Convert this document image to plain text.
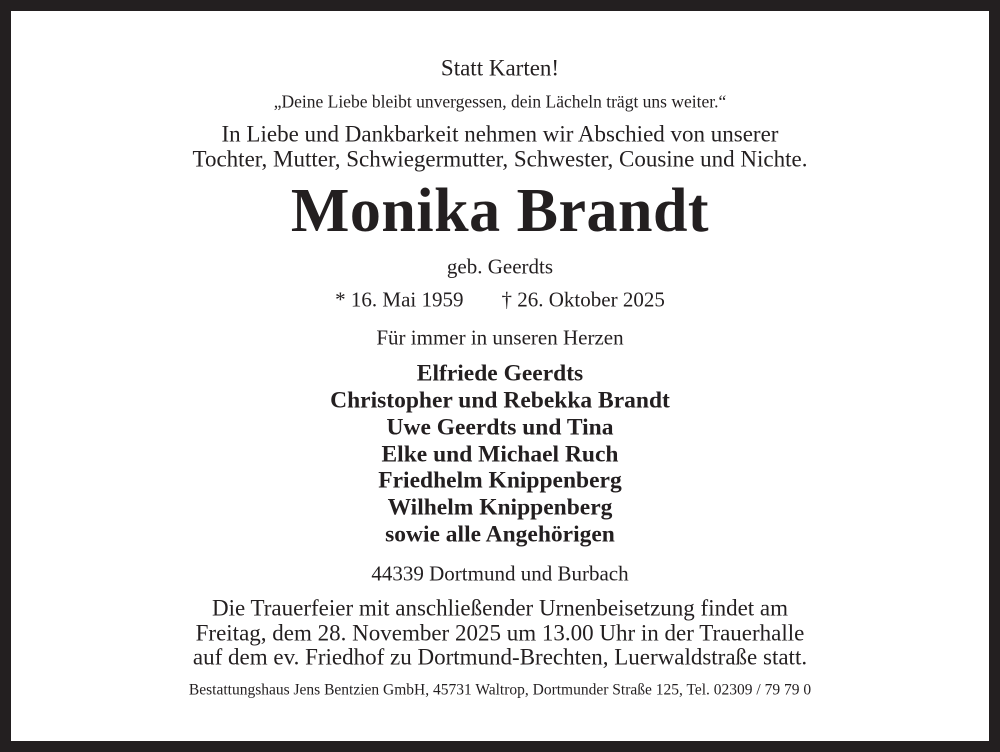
Statt Karten!
„Deine Liebe bleibt unvergessen, dein Lächeln trägt uns weiter.“
In Liebe und Dankbarkeit nehmen wir Abschied von unserer
Tochter, Mutter, Schwiegermutter, Schwester, Cousine und Nichte.
Monika Brandt
geb. Geerdts
* 16. Mai 1959 † 26. Oktober 2025
Für immer in unseren Herzen
Elfriede Geerdts
Christopher und Rebekka Brandt
Uwe Geerdts und Tina
Elke und Michael Ruch
Friedhelm Knippenberg
Wilhelm Knippenberg
sowie alle Angehörigen
44339 Dortmund und Burbach
Die Trauerfeier mit anschließender Urnenbeisetzung findet am
Freitag, dem 28. November 2025 um 13.00 Uhr in der Trauerhalle
auf dem ev. Friedhof zu Dortmund-Brechten, Luerwaldstraße statt.
Bestattungshaus Jens Bentzien GmbH, 45731 Waltrop, Dortmunder Straße 125, Tel. 02309 / 79 79 0
